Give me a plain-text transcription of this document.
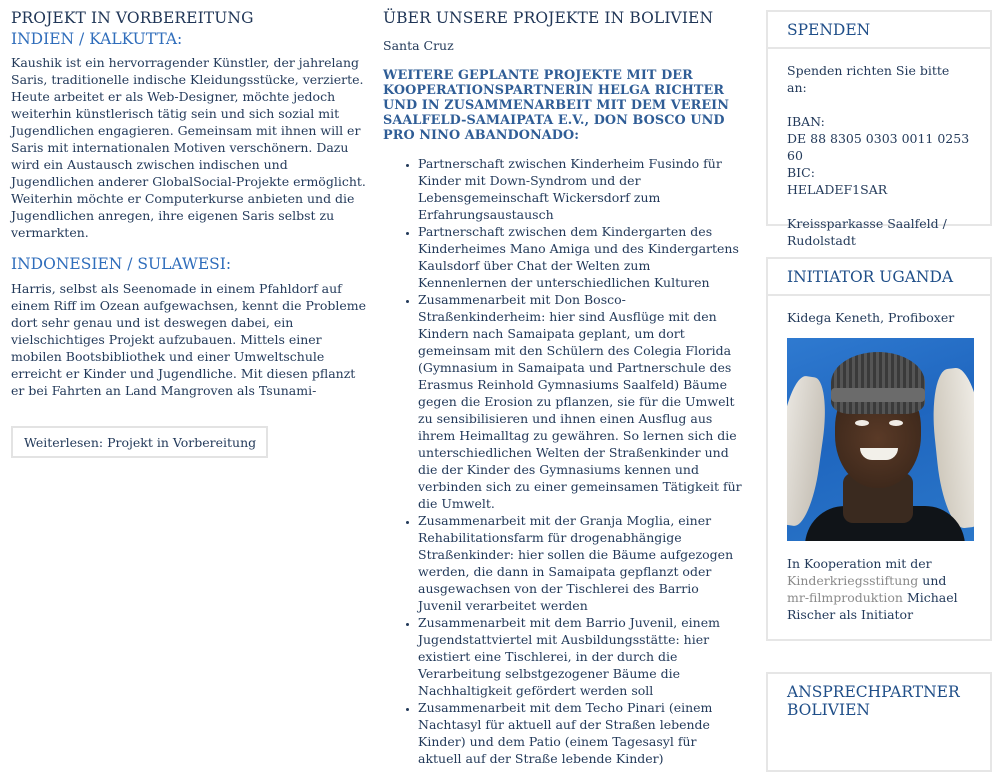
PROJEKT IN VORBEREITUNG
INDIEN / KALKUTTA:

Kaushik ist ein hervorragender Künstler, der jahrelang Saris, traditionelle indische Kleidungsstücke, verzierte. Heute arbeitet er als Web-Designer, möchte jedoch weiterhin künstlerisch tätig sein und sich sozial mit Jugendlichen engagieren. Gemeinsam mit ihnen will er Saris mit internationalen Motiven verschönern. Dazu wird ein Austausch zwischen indischen und Jugendlichen anderer GlobalSocial-Projekte ermöglicht. Weiterhin möchte er Computerkurse anbieten und die Jugendlichen anregen, ihre eigenen Saris selbst zu vermarkten.

INDONESIEN / SULAWESI:

Harris, selbst als Seenomade in einem Pfahldorf auf einem Riff im Ozean aufgewachsen, kennt die Probleme dort sehr genau und ist deswegen dabei, ein vielschichtiges Projekt aufzubauen. Mittels einer mobilen Bootsbibliothek und einer Umweltschule erreicht er Kinder und Jugendliche. Mit diesen pflanzt er bei Fahrten an Land Mangroven als Tsunami-

Weiterlesen: Projekt in Vorbereitung
ÜBER UNSERE PROJEKTE IN BOLIVIEN

Santa Cruz

WEITERE GEPLANTE PROJEKTE MIT DER KOOPERATIONSPARTNERIN HELGA RICHTER UND IN ZUSAMMENARBEIT MIT DEM VEREIN SAALFELD-SAMAIPATA E.V., DON BOSCO UND PRO NINO ABANDONADO:
• Partnerschaft zwischen Kinderheim Fusindo für Kinder mit Down-Syndrom und der Lebensgemeinschaft Wickersdorf zum Erfahrungsaustausch
• Partnerschaft zwischen dem Kindergarten des Kinderheimes Mano Amiga und des Kindergartens Kaulsdorf über Chat der Welten zum Kennenlernen der unterschiedlichen Kulturen
• Zusammenarbeit mit Don Bosco-Straßenkinderheim: hier sind Ausflüge mit den Kindern nach Samaipata geplant, um dort gemeinsam mit den Schülern des Colegia Florida (Gymnasium in Samaipata und Partnerschule des Erasmus Reinhold Gymnasiums Saalfeld) Bäume gegen die Erosion zu pflanzen, sie für die Umwelt zu sensibilisieren und ihnen einen Ausflug aus ihrem Heimalltag zu gewähren. So lernen sich die unterschiedlichen Welten der Straßenkinder und die der Kinder des Gymnasiums kennen und verbinden sich zu einer gemeinsamen Tätigkeit für die Umwelt.
• Zusammenarbeit mit der Granja Moglia, einer Rehabilitationsfarm für drogenabhängige Straßenkinder: hier sollen die Bäume aufgezogen werden, die dann in Samaipata gepflanzt oder ausgewachsen von der Tischlerei des Barrio Juvenil verarbeitet werden
• Zusammenarbeit mit dem Barrio Juvenil, einem Jugendstattviertel mit Ausbildungsstätte: hier existiert eine Tischlerei, in der durch die Verarbeitung selbstgezogener Bäume die Nachhaltigkeit gefördert werden soll
• Zusammenarbeit mit dem Techo Pinari (einem Nachtasyl für aktuell auf der Straßen lebende Kinder) und dem Patio (einem Tagesasyl für aktuell auf der Straße lebende Kinder)
SPENDEN

Spenden richten Sie bitte an:

IBAN:

DE 88 8305 0303 0011 0253 60

BIC:

HELADEF1SAR

Kreissparkasse Saalfeld / Rudolstadt

INITIATOR UGANDA

Kidega Keneth, Profiboxer

In Kooperation mit der Kinderkriegsstiftung und mr-filmproduktion Michael Rischer als Initiator

ANSPRECHPARTNER BOLIVIEN
